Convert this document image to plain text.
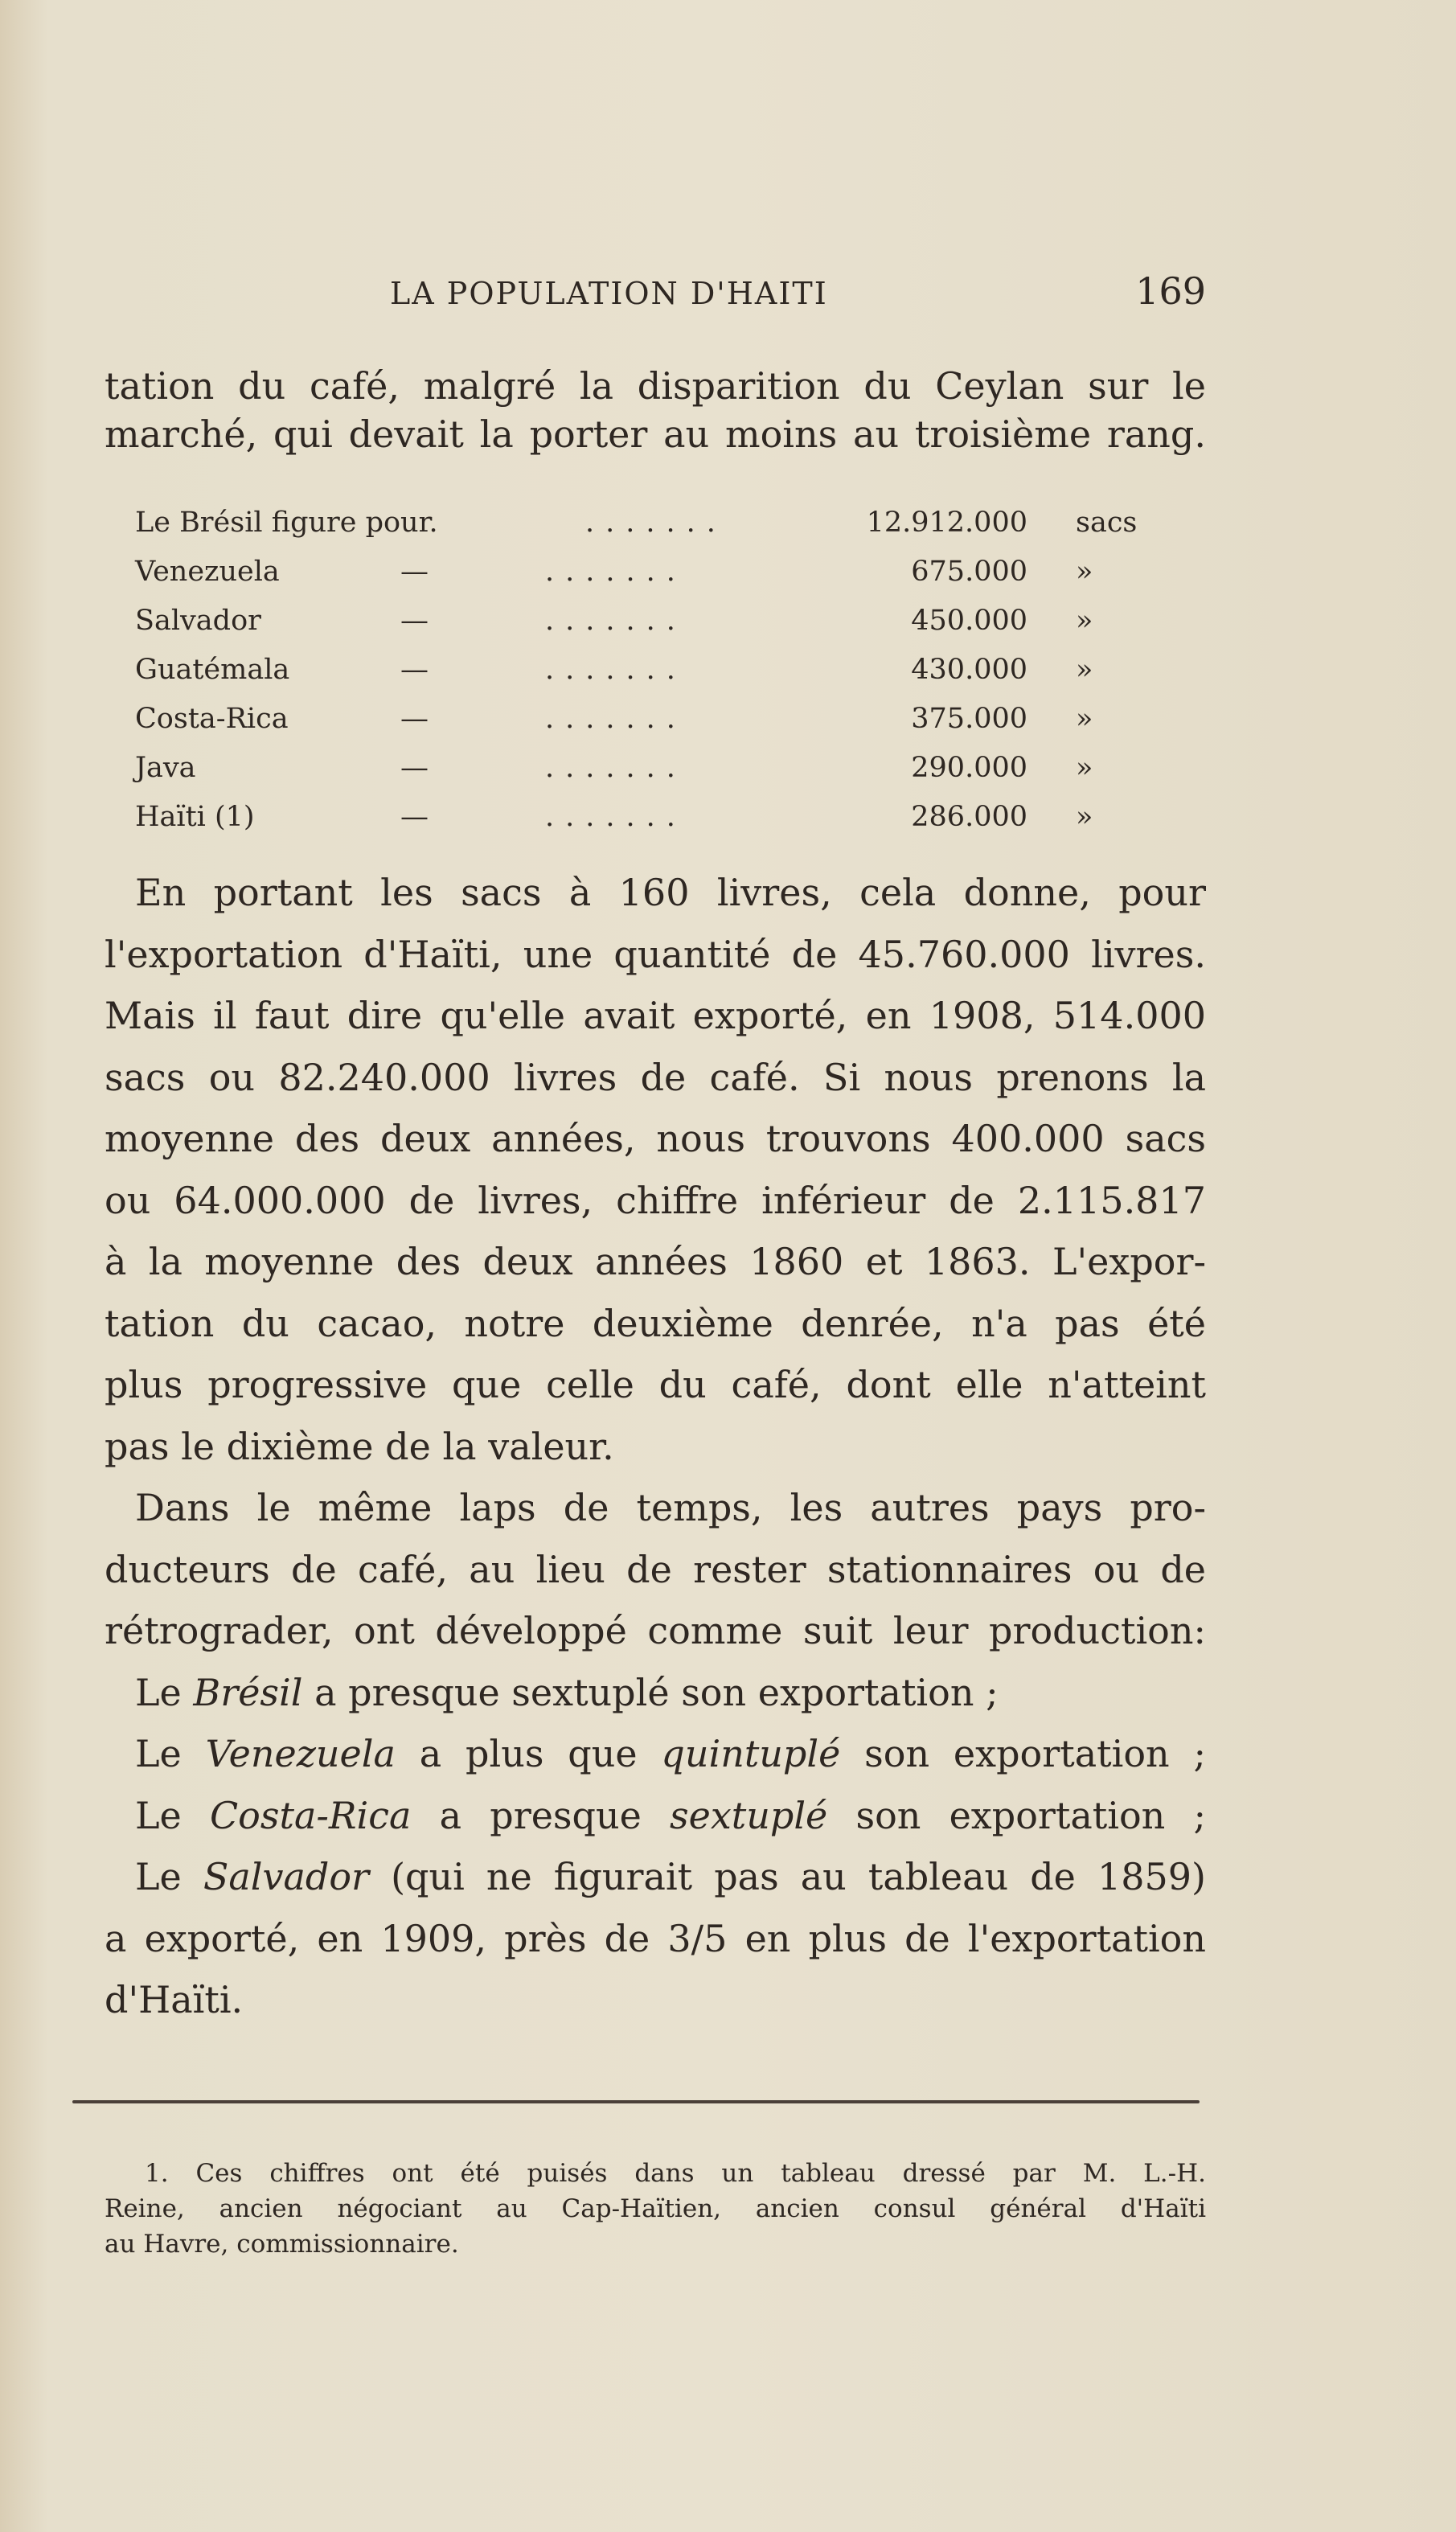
LA POPULATION D'HAITI	169
tation du café, malgré la disparition du Ceylan sur le
marché, qui devait la porter au moins au troisième rang.
Le Brésil figure pour.	.......	12.912.000 sacs
Venezuela	—	.......	675.000 »
Salvador	—	.......	450.000 »
Guatémala	—	.......	430.000 »
Costa-Rica	—	.......	375.000 »
Java	—	.......	290.000 »
Haïti (1)	—	.......	286.000 »
En portant les sacs à 160 livres, cela donne, pour
l'exportation d'Haïti, une quantité de 45.760.000 livres.
Mais il faut dire qu'elle avait exporté, en 1908, 514.000
sacs ou 82.240.000 livres de café. Si nous prenons la
moyenne des deux années, nous trouvons 400.000 sacs
ou 64.000.000 de livres, chiffre inférieur de 2.115.817
à la moyenne des deux années 1860 et 1863. L'expor-
tation du cacao, notre deuxième denrée, n'a pas été
plus progressive que celle du café, dont elle n'atteint
pas le dixième de la valeur.
Dans le même laps de temps, les autres pays pro-
ducteurs de café, au lieu de rester stationnaires ou de
rétrograder, ont développé comme suit leur production:
Le Brésil a presque sextuplé son exportation ;
Le Venezuela a plus que quintuplé son exportation ;
Le Costa-Rica a presque sextuplé son exportation ;
Le Salvador (qui ne figurait pas au tableau de 1859)
a exporté, en 1909, près de 3/5 en plus de l'exportation
d'Haïti.
1. Ces chiffres ont été puisés dans un tableau dressé par M. L.-H.
Reine, ancien négociant au Cap-Haïtien, ancien consul général d'Haïti
au Havre, commissionnaire.
